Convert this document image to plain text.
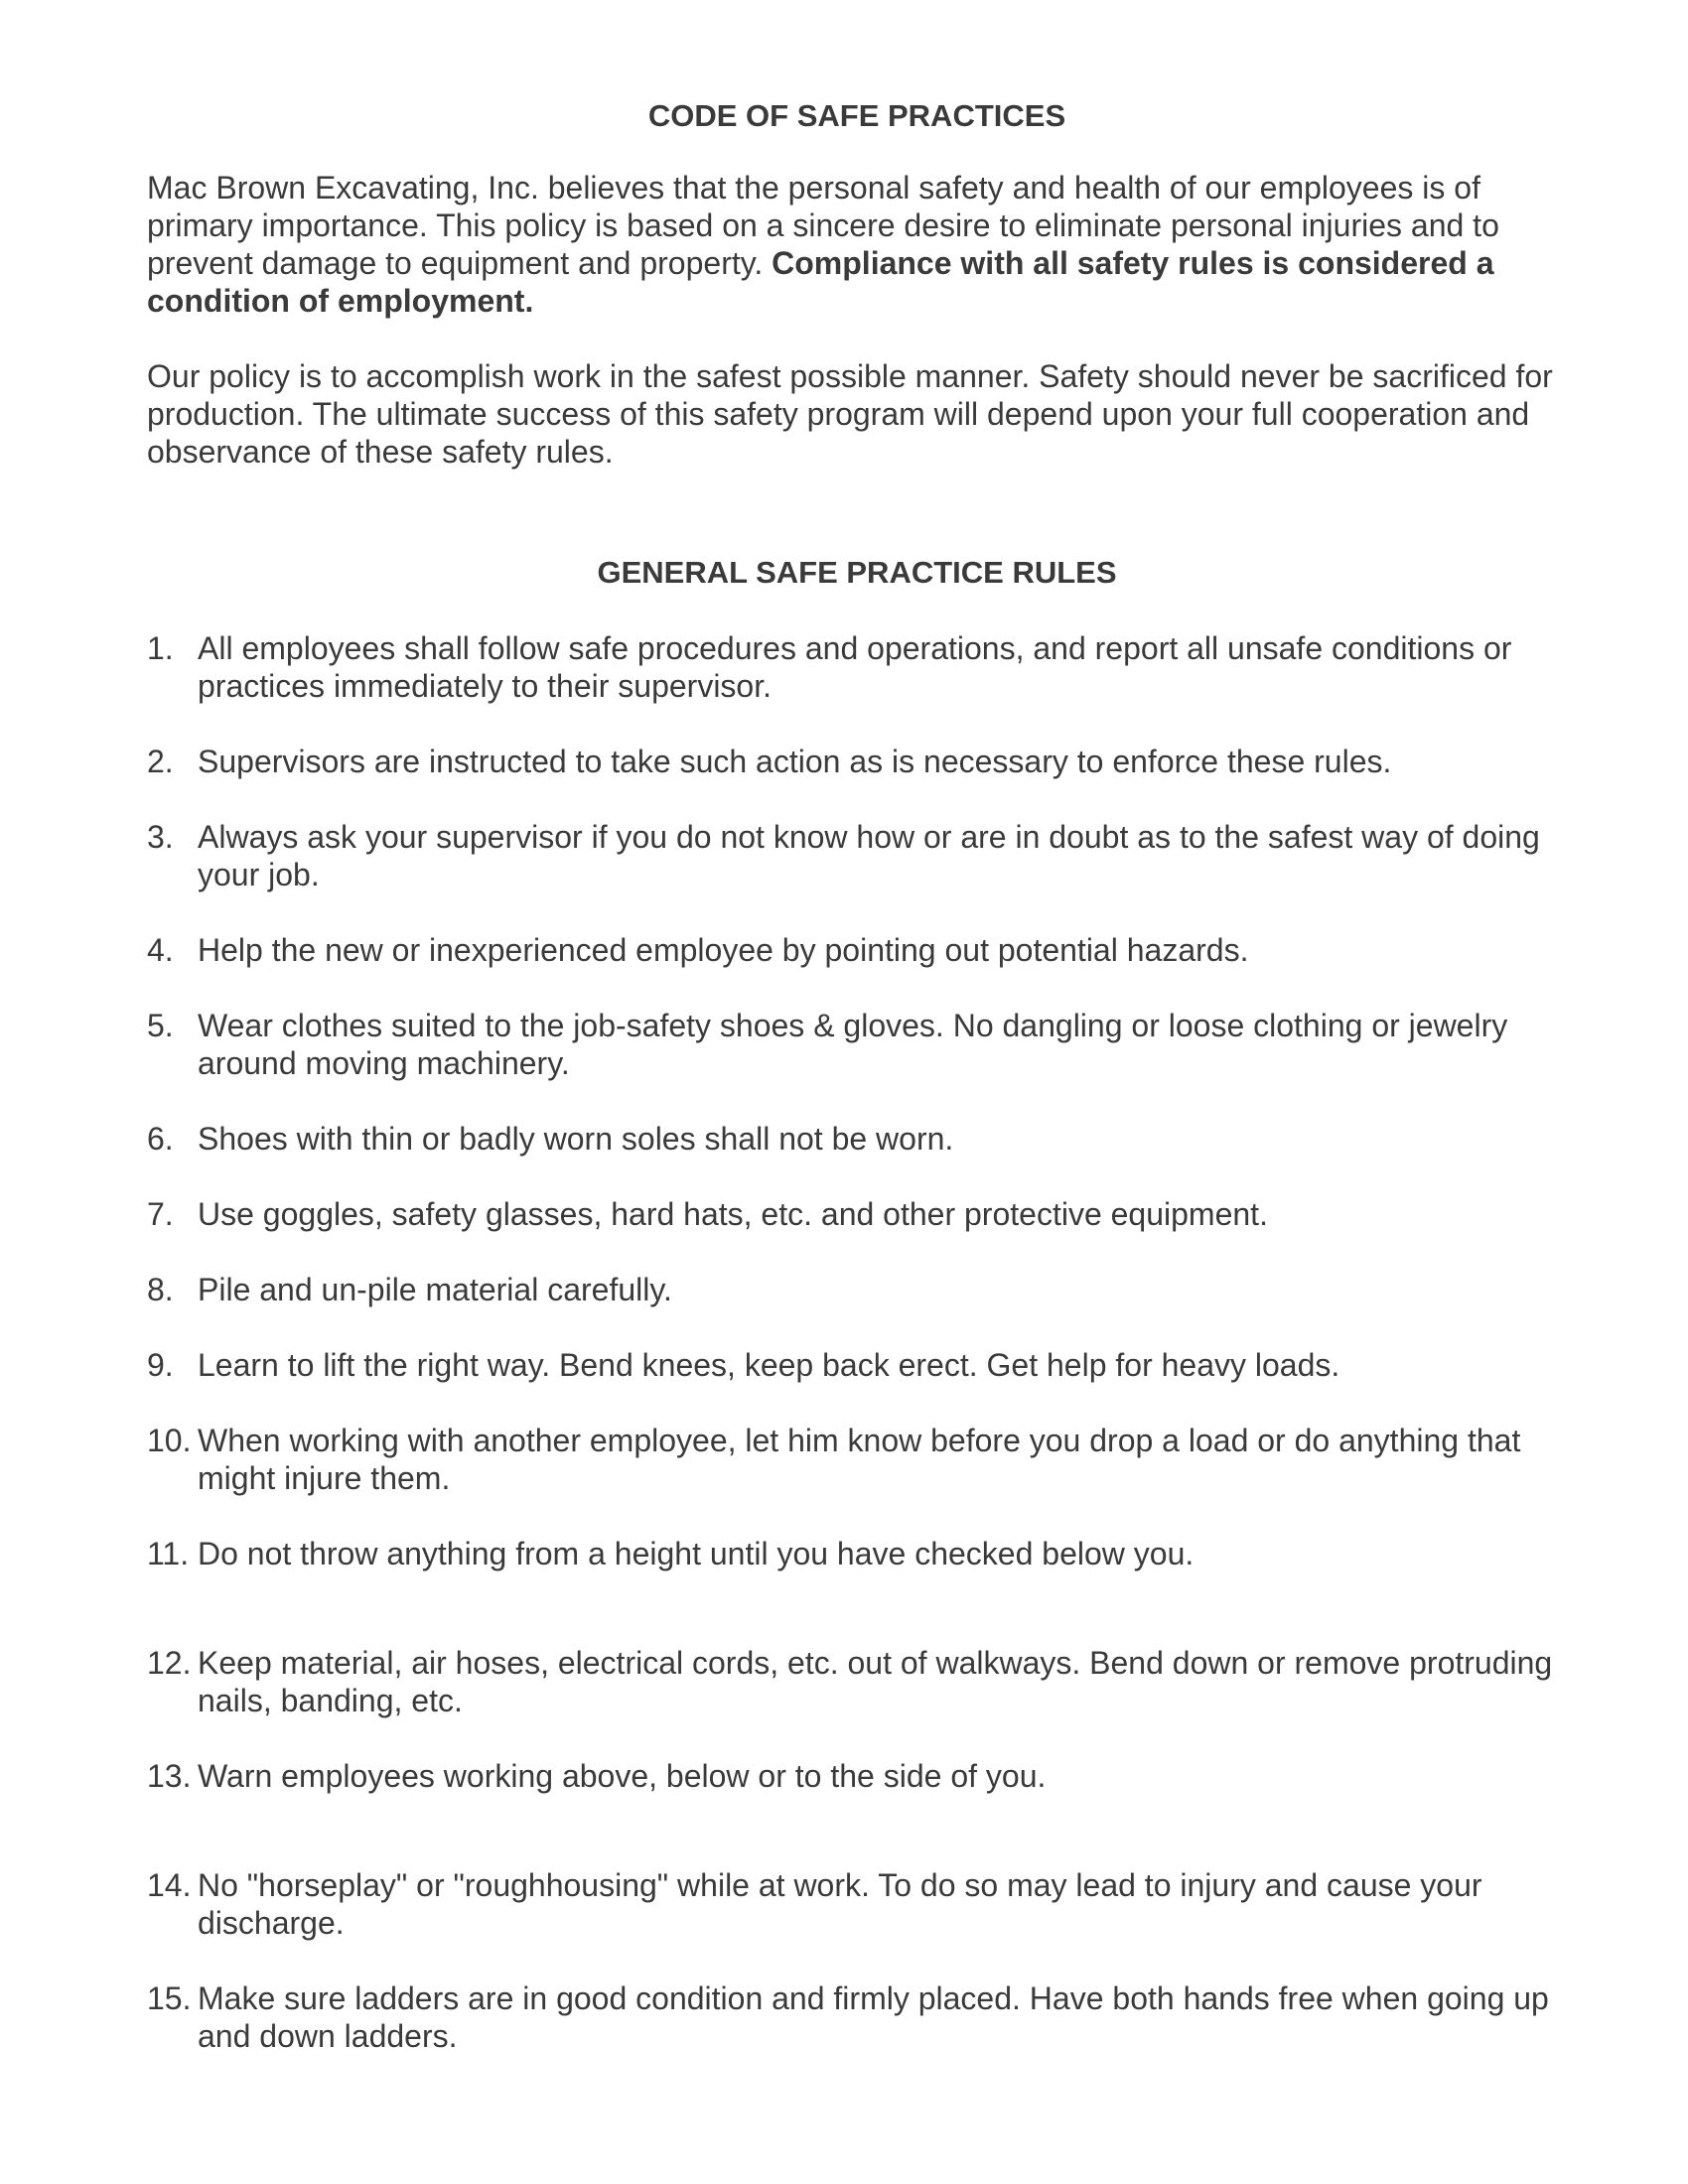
CODE OF SAFE PRACTICES

Mac Brown Excavating, Inc. believes that the personal safety and health of our employees is of primary importance. This policy is based on a sincere desire to eliminate personal injuries and to prevent damage to equipment and property. Compliance with all safety rules is considered a condition of employment.

Our policy is to accomplish work in the safest possible manner. Safety should never be sacrificed for production. The ultimate success of this safety program will depend upon your full cooperation and observance of these safety rules.

GENERAL SAFE PRACTICE RULES
1. All employees shall follow safe procedures and operations, and report all unsafe conditions or practices immediately to their supervisor.
2. Supervisors are instructed to take such action as is necessary to enforce these rules.
3. Always ask your supervisor if you do not know how or are in doubt as to the safest way of doing your job.
4. Help the new or inexperienced employee by pointing out potential hazards.
5. Wear clothes suited to the job-safety shoes & gloves. No dangling or loose clothing or jewelry around moving machinery.
6. Shoes with thin or badly worn soles shall not be worn.
7. Use goggles, safety glasses, hard hats, etc. and other protective equipment.
8. Pile and un-pile material carefully.
9. Learn to lift the right way. Bend knees, keep back erect. Get help for heavy loads.
10. When working with another employee, let him know before you drop a load or do anything that might injure them.
11. Do not throw anything from a height until you have checked below you.
12. Keep material, air hoses, electrical cords, etc. out of walkways. Bend down or remove protruding nails, banding, etc.
13. Warn employees working above, below or to the side of you.
14. No "horseplay" or "roughhousing" while at work. To do so may lead to injury and cause your discharge.
15. Make sure ladders are in good condition and firmly placed. Have both hands free when going up and down ladders.
